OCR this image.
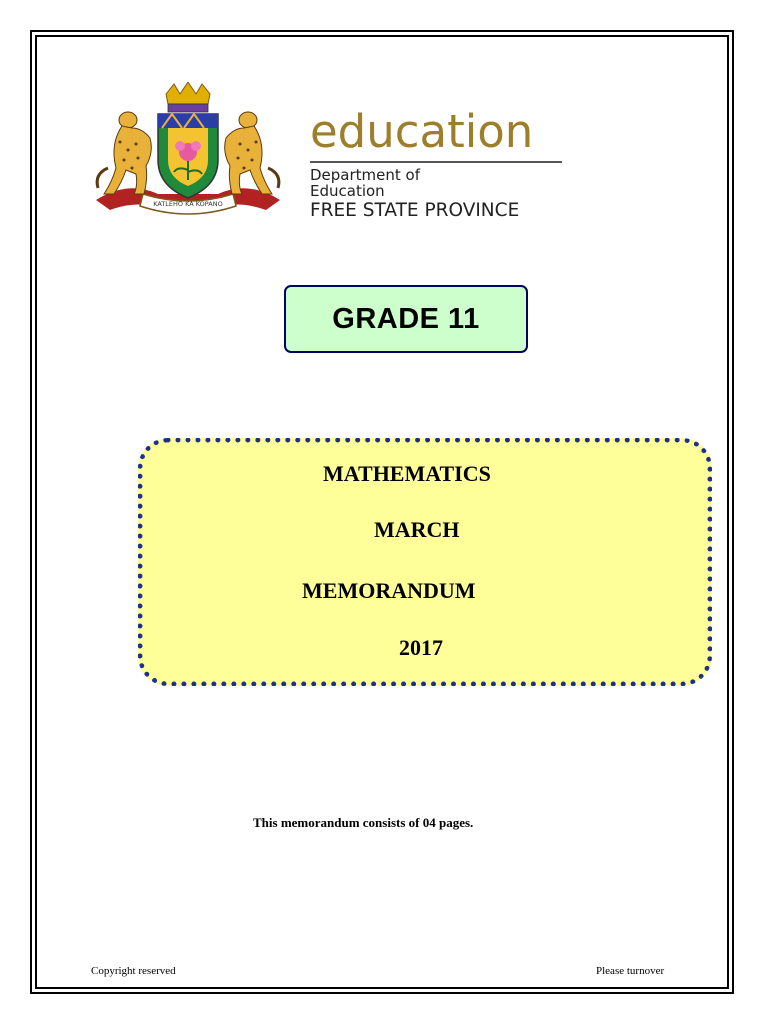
KATLEHO KA KOPANO
education
Department of
Education
FREE STATE PROVINCE
GRADE 11
MATHEMATICS
MARCH
MEMORANDUM
2017
This memorandum consists of 04 pages.
Copyright reserved	Please turnover
